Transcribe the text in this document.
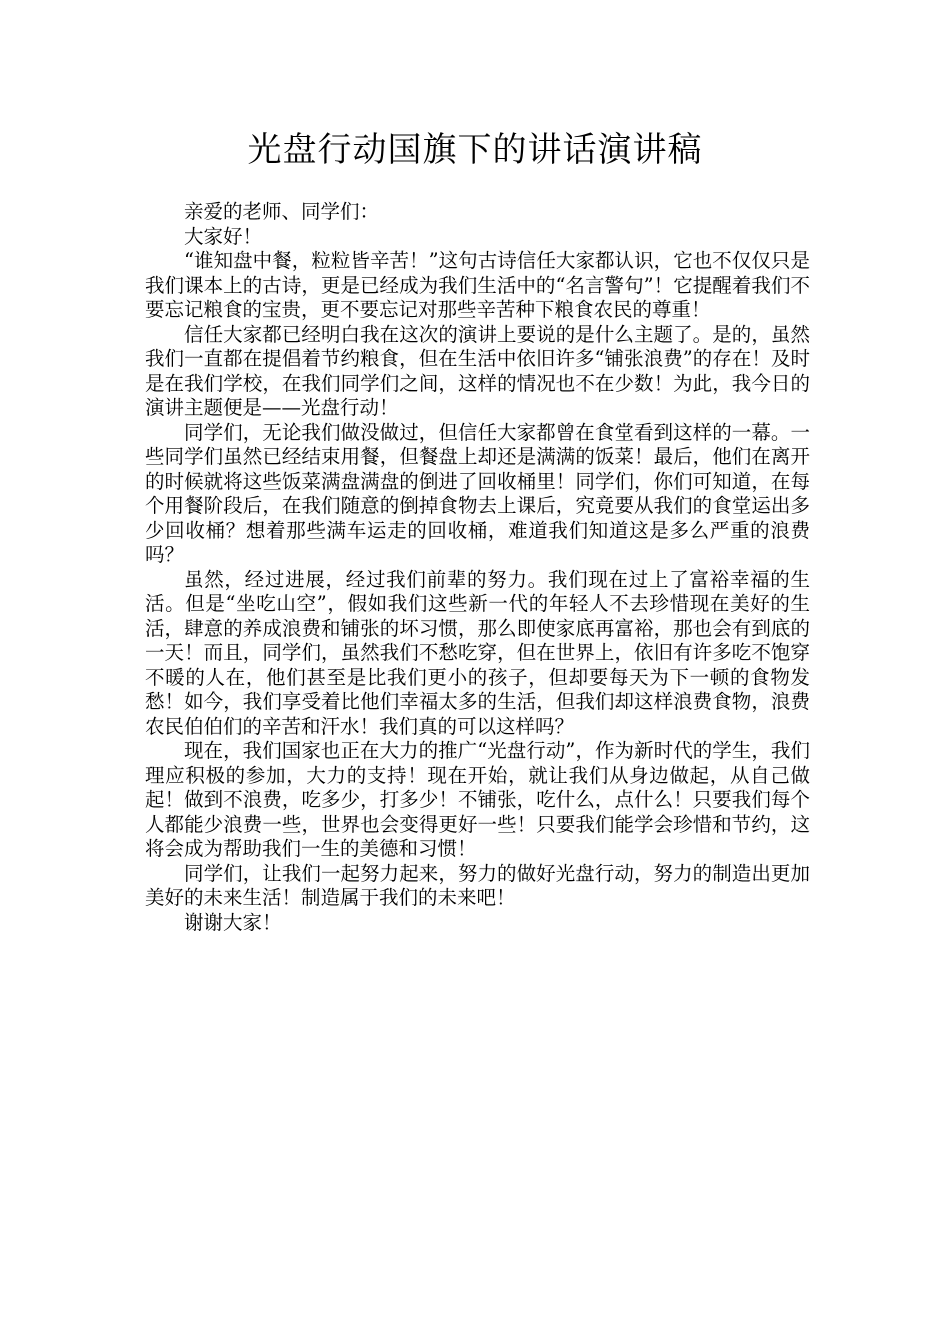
光盘行动国旗下的讲话演讲稿

亲爱的老师、同学们：

大家好！

“谁知盘中餐，粒粒皆辛苦！”这句古诗信任大家都认识，它也不仅仅只是我们课本上的古诗，更是已经成为我们生活中的“名言警句”！它提醒着我们不要忘记粮食的宝贵，更不要忘记对那些辛苦种下粮食农民的尊重！

信任大家都已经明白我在这次的演讲上要说的是什么主题了。是的，虽然我们一直都在提倡着节约粮食，但在生活中依旧许多“铺张浪费”的存在！及时是在我们学校，在我们同学们之间，这样的情况也不在少数！为此，我今日的演讲主题便是——光盘行动！

同学们，无论我们做没做过，但信任大家都曾在食堂看到这样的一幕。一些同学们虽然已经结束用餐，但餐盘上却还是满满的饭菜！最后，他们在离开的时候就将这些饭菜满盘满盘的倒进了回收桶里！同学们，你们可知道，在每个用餐阶段后，在我们随意的倒掉食物去上课后，究竟要从我们的食堂运出多少回收桶？想着那些满车运走的回收桶，难道我们知道这是多么严重的浪费吗？

虽然，经过进展，经过我们前辈的努力。我们现在过上了富裕幸福的生活。但是“坐吃山空”，假如我们这些新一代的年轻人不去珍惜现在美好的生活，肆意的养成浪费和铺张的坏习惯，那么即使家底再富裕，那也会有到底的一天！而且，同学们，虽然我们不愁吃穿，但在世界上，依旧有许多吃不饱穿不暖的人在，他们甚至是比我们更小的孩子，但却要每天为下一顿的食物发愁！如今，我们享受着比他们幸福太多的生活，但我们却这样浪费食物，浪费农民伯伯们的辛苦和汗水！我们真的可以这样吗？

现在，我们国家也正在大力的推广“光盘行动”，作为新时代的学生，我们理应积极的参加，大力的支持！现在开始，就让我们从身边做起，从自己做起！做到不浪费，吃多少，打多少！不铺张，吃什么，点什么！只要我们每个人都能少浪费一些，世界也会变得更好一些！只要我们能学会珍惜和节约，这将会成为帮助我们一生的美德和习惯！

同学们，让我们一起努力起来，努力的做好光盘行动，努力的制造出更加美好的未来生活！制造属于我们的未来吧！

谢谢大家！
